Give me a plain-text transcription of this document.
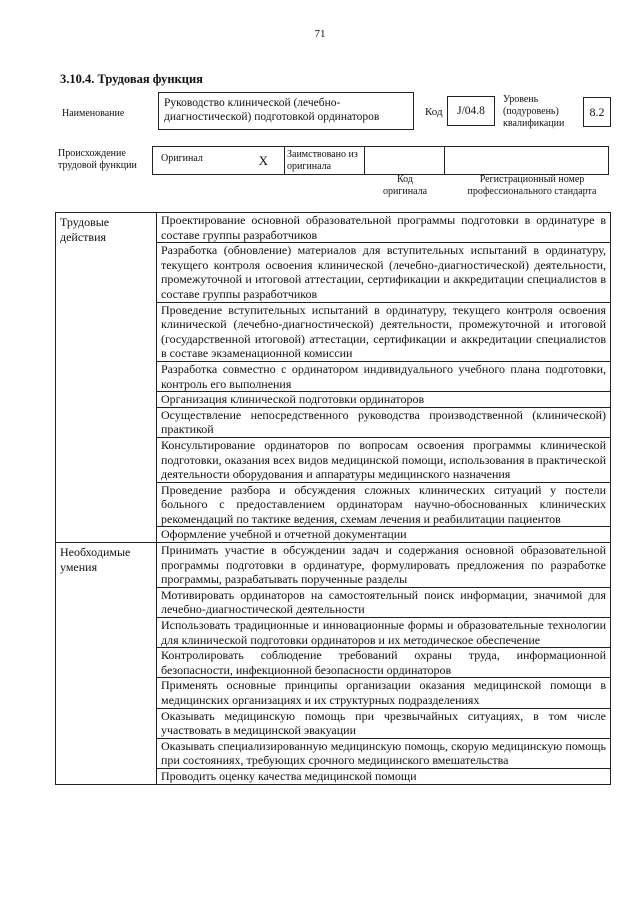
71
3.10.4. Трудовая функция
Наименование
Руководство клинической (лечебно-диагностической) подготовкой ординаторов	Код	J/04.8
Уровень (подуровень) квалификации
8.2
Происхождение трудовой функции
Оригинал	X	Заимствовано из оригинала		
Код оригинала
Регистрационный номер профессионального стандарта
Трудовые действия	Проектирование основной образовательной программы подготовки в ординатуре в составе группы разработчиков
	Разработка (обновление) материалов для вступительных испытаний в ординатуру, текущего контроля освоения клинической (лечебно-диагностической) деятельности, промежуточной и итоговой аттестации, сертификации и аккредитации специалистов в составе группы разработчиков
	Проведение вступительных испытаний в ординатуру, текущего контроля освоения клинической (лечебно-диагностической) деятельности, промежуточной и итоговой (государственной итоговой) аттестации, сертификации и аккредитации специалистов в составе экзаменационной комиссии
	Разработка совместно с ординатором индивидуального учебного плана подготовки, контроль его выполнения
	Организация клинической подготовки ординаторов
	Осуществление непосредственного руководства производственной (клинической) практикой
	Консультирование ординаторов по вопросам освоения программы клинической подготовки, оказания всех видов медицинской помощи, использования в практической деятельности оборудования и аппаратуры медицинского назначения
	Проведение разбора и обсуждения сложных клинических ситуаций у постели больного с предоставлением ординаторам научно-обоснованных клинических рекомендаций по тактике ведения, схемам лечения и реабилитации пациентов
	Оформление учебной и отчетной документации
Необходимые умения	Принимать участие в обсуждении задач и содержания основной образовательной программы подготовки в ординатуре, формулировать предложения по разработке программы, разрабатывать порученные разделы
	Мотивировать ординаторов на самостоятельный поиск информации, значимой для лечебно-диагностической деятельности
	Использовать традиционные и инновационные формы и образовательные технологии для клинической подготовки ординаторов и их методическое обеспечение
	Контролировать соблюдение требований охраны труда, информационной безопасности, инфекционной безопасности ординаторов
	Применять основные принципы организации оказания медицинской помощи в медицинских организациях и их структурных подразделениях
	Оказывать медицинскую помощь при чрезвычайных ситуациях, в том числе участвовать в медицинской эвакуации
	Оказывать специализированную медицинскую помощь, скорую медицинскую помощь при состояниях, требующих срочного медицинского вмешательства
	Проводить оценку качества медицинской помощи
